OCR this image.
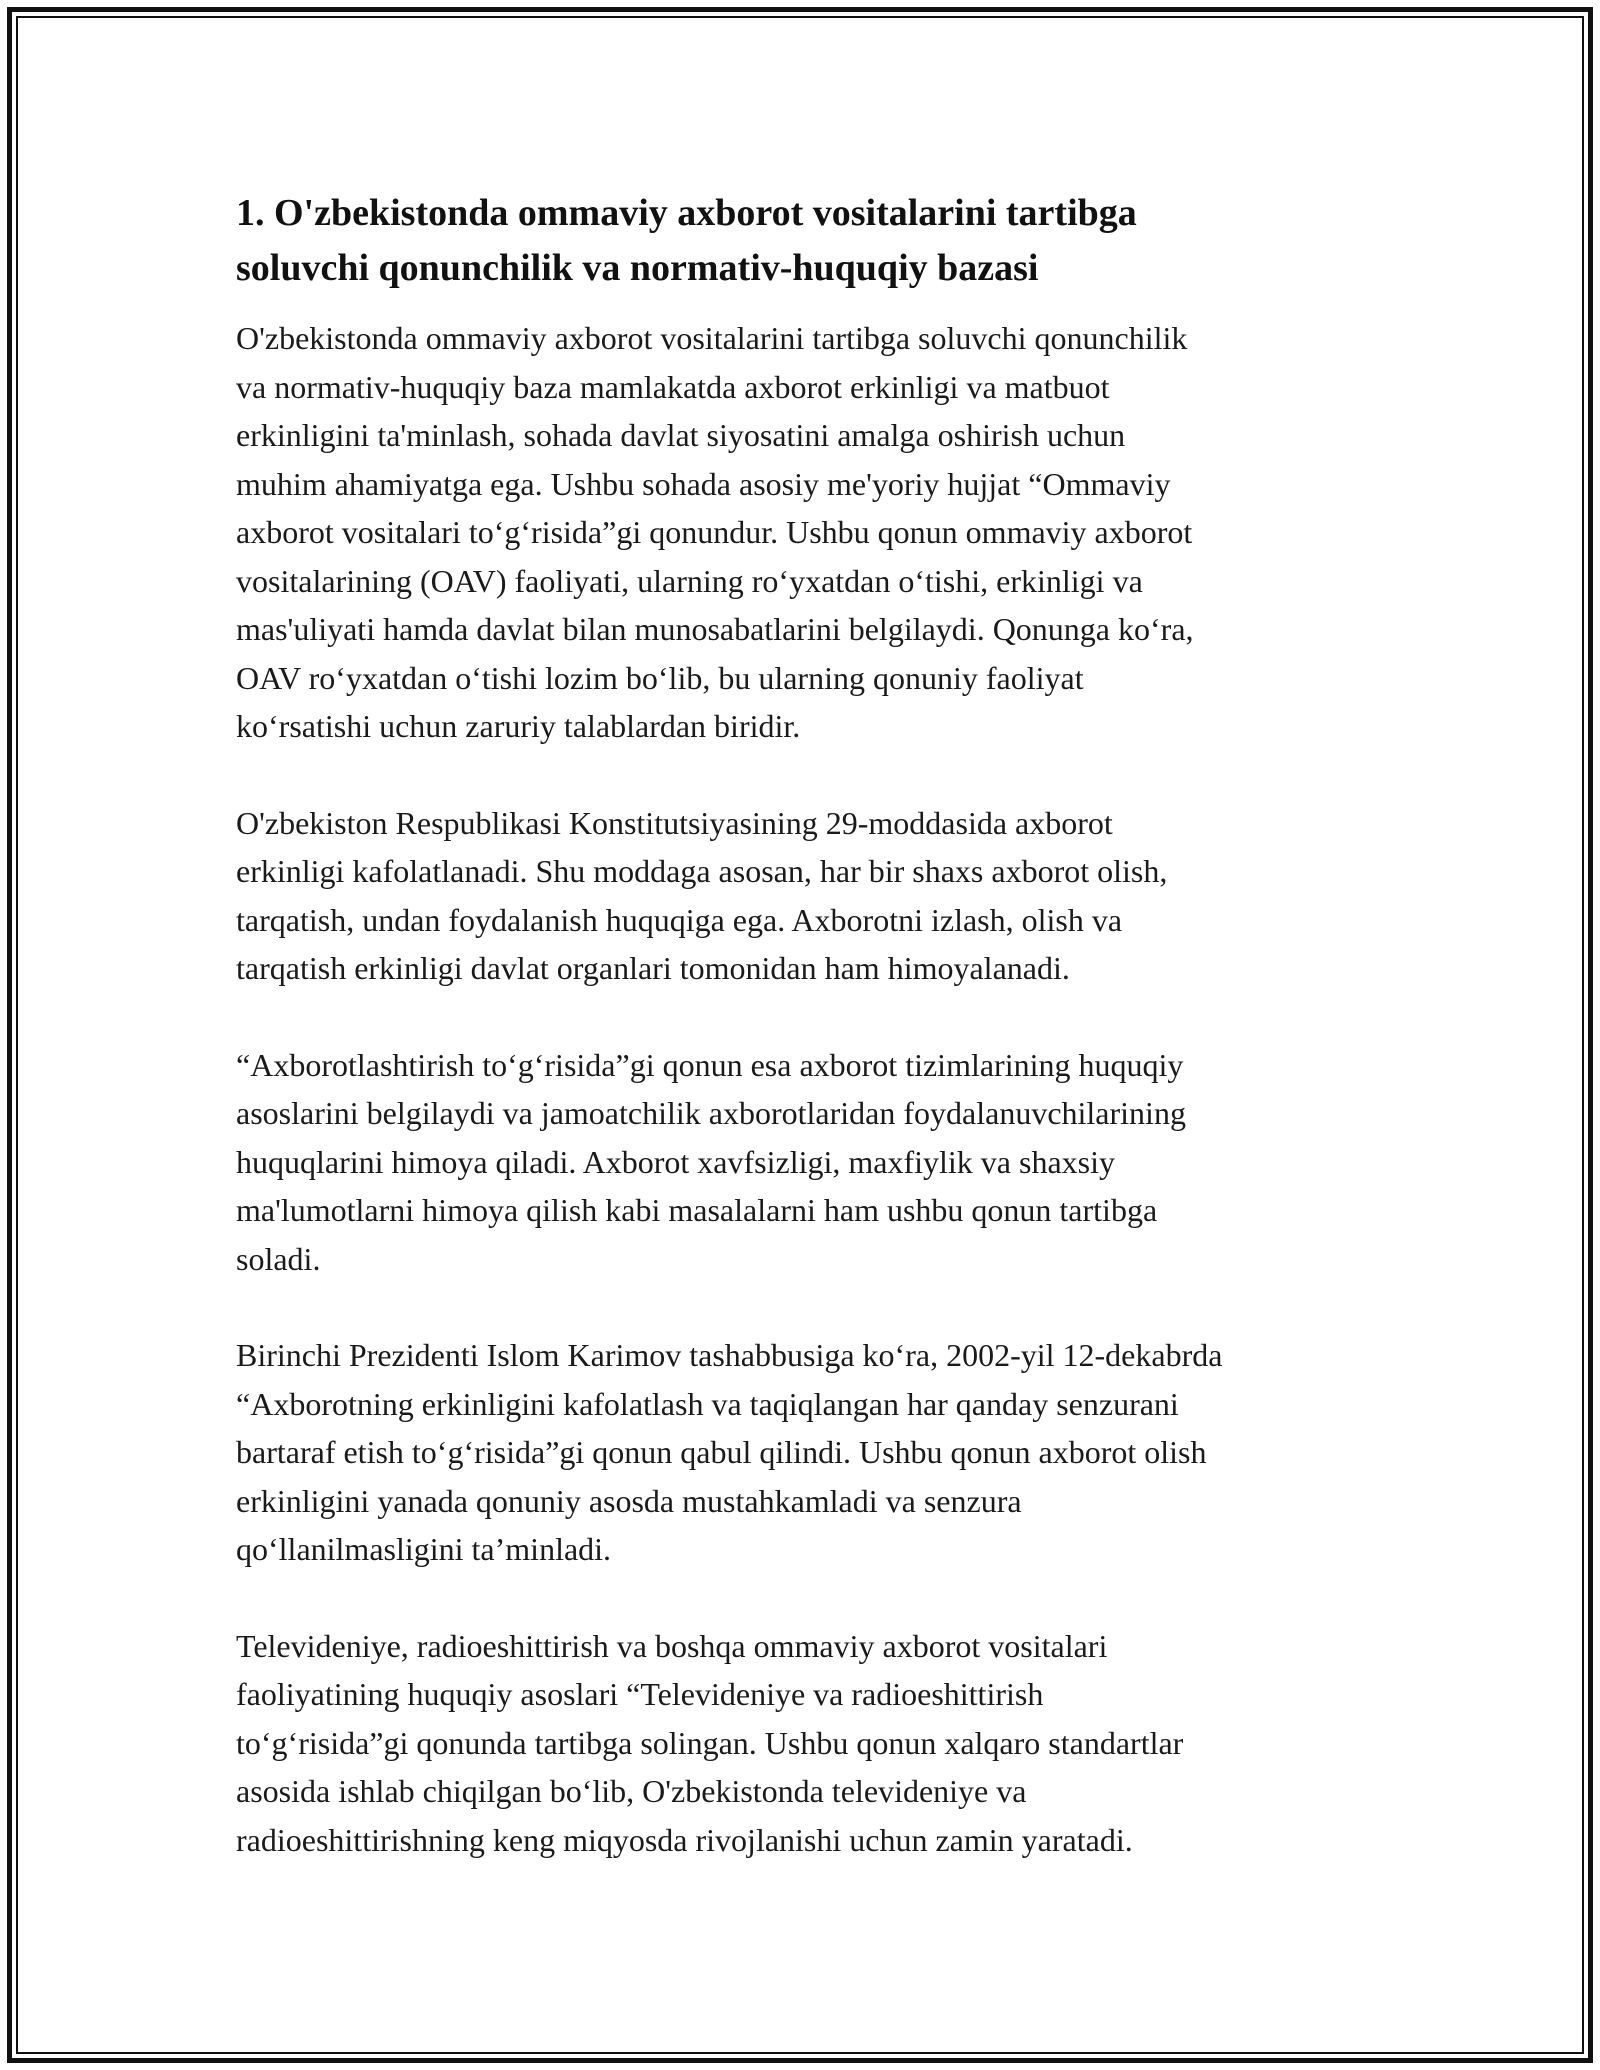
1. O'zbekistonda ommaviy axborot vositalarini tartibga
soluvchi qonunchilik va normativ-huquqiy bazasi

O'zbekistonda ommaviy axborot vositalarini tartibga soluvchi qonunchilik
va normativ-huquqiy baza mamlakatda axborot erkinligi va matbuot
erkinligini ta'minlash, sohada davlat siyosatini amalga oshirish uchun
muhim ahamiyatga ega. Ushbu sohada asosiy me'yoriy hujjat “Ommaviy
axborot vositalari to‘g‘risida”gi qonundur. Ushbu qonun ommaviy axborot
vositalarining (OAV) faoliyati, ularning ro‘yxatdan o‘tishi, erkinligi va
mas'uliyati hamda davlat bilan munosabatlarini belgilaydi. Qonunga ko‘ra,
OAV ro‘yxatdan o‘tishi lozim bo‘lib, bu ularning qonuniy faoliyat
ko‘rsatishi uchun zaruriy talablardan biridir.

O'zbekiston Respublikasi Konstitutsiyasining 29-moddasida axborot
erkinligi kafolatlanadi. Shu moddaga asosan, har bir shaxs axborot olish,
tarqatish, undan foydalanish huquqiga ega. Axborotni izlash, olish va
tarqatish erkinligi davlat organlari tomonidan ham himoyalanadi.

“Axborotlashtirish to‘g‘risida”gi qonun esa axborot tizimlarining huquqiy
asoslarini belgilaydi va jamoatchilik axborotlaridan foydalanuvchilarining
huquqlarini himoya qiladi. Axborot xavfsizligi, maxfiylik va shaxsiy
ma'lumotlarni himoya qilish kabi masalalarni ham ushbu qonun tartibga
soladi.

Birinchi Prezidenti Islom Karimov tashabbusiga ko‘ra, 2002-yil 12-dekabrda
“Axborotning erkinligini kafolatlash va taqiqlangan har qanday senzurani
bartaraf etish to‘g‘risida”gi qonun qabul qilindi. Ushbu qonun axborot olish
erkinligini yanada qonuniy asosda mustahkamladi va senzura
qo‘llanilmasligini ta’minladi.

Televideniye, radioeshittirish va boshqa ommaviy axborot vositalari
faoliyatining huquqiy asoslari “Televideniye va radioeshittirish
to‘g‘risida”gi qonunda tartibga solingan. Ushbu qonun xalqaro standartlar
asosida ishlab chiqilgan bo‘lib, O'zbekistonda televideniye va
radioeshittirishning keng miqyosda rivojlanishi uchun zamin yaratadi.
